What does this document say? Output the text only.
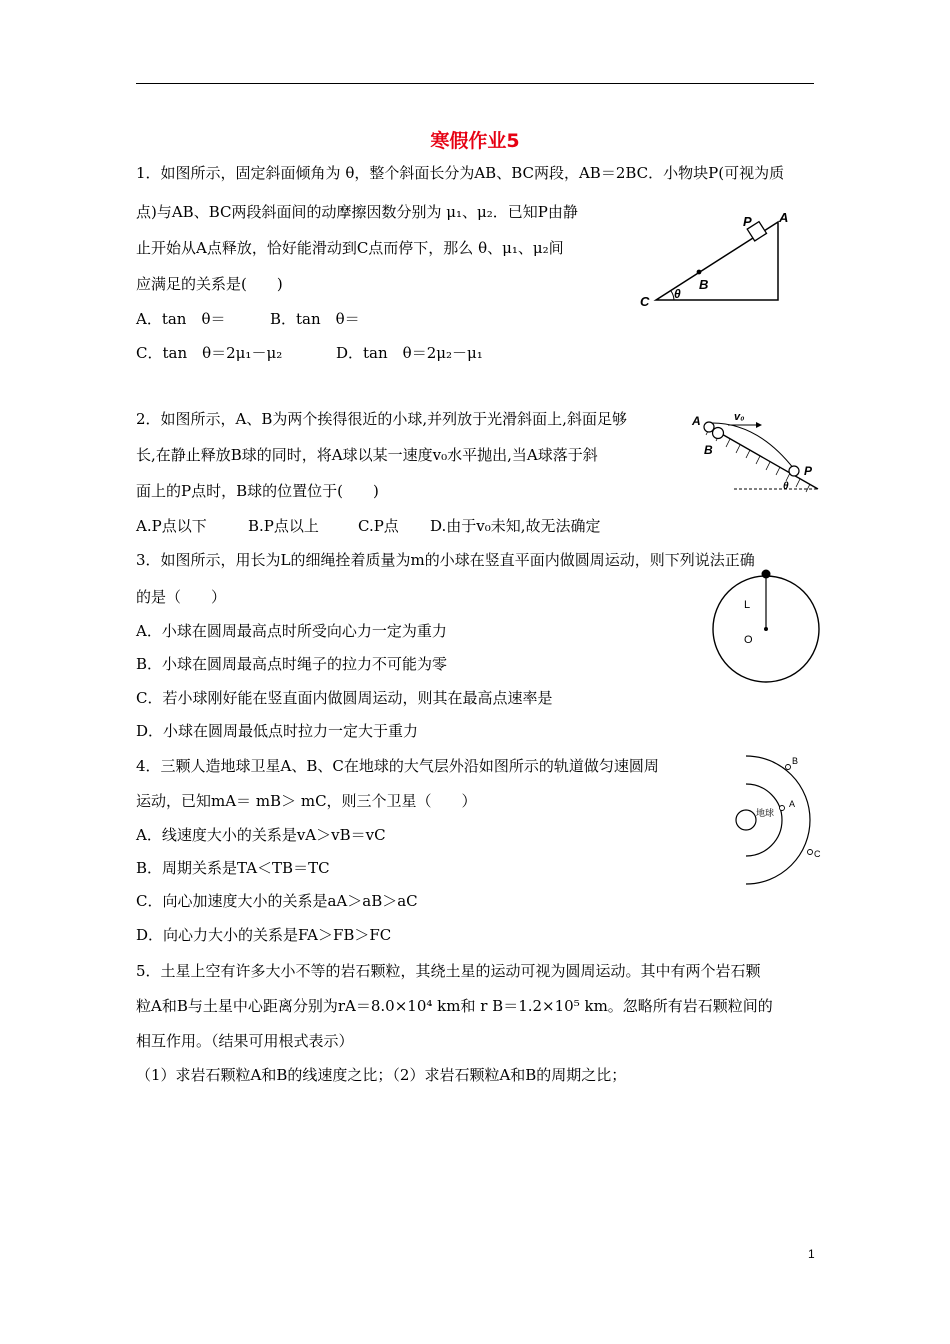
寒假作业5
1．如图所示，固定斜面倾角为 θ，整个斜面长分为AB、BC两段，AB＝2BC．小物块P(可视为质
点)与AB、BC两段斜面间的动摩擦因数分别为 μ₁、μ₂．已知P由静
止开始从A点释放，恰好能滑动到C点而停下，那么 θ、μ₁、μ₂间
应满足的关系是(　　)
A．tan　θ＝	B．tan　θ＝
C．tan　θ＝2μ₁－μ₂	D．tan　θ＝2μ₂－μ₁
P A
B
C θ
2．如图所示，A、B为两个挨得很近的小球,并列放于光滑斜面上,斜面足够
长,在静止释放B球的同时，将A球以某一速度v₀水平抛出,当A球落于斜
面上的P点时，B球的位置位于(　　)
A.P点以下	B.P点以上	C.P点 D.由于v₀未知,故无法确定
A
B
v₀
P
θ
3．如图所示，用长为L的细绳拴着质量为m的小球在竖直平面内做圆周运动，则下列说法正确
的是（　　）
A．小球在圆周最高点时所受向心力一定为重力
B．小球在圆周最高点时绳子的拉力不可能为零
C．若小球刚好能在竖直面内做圆周运动，则其在最高点速率是
D．小球在圆周最低点时拉力一定大于重力
L
O
4．三颗人造地球卫星A、B、C在地球的大气层外沿如图所示的轨道做匀速圆周
运动，已知mA＝ mB＞ mC，则三个卫星（　　）
A．线速度大小的关系是vA＞vB＝vC
B．周期关系是TA＜TB＝TC
C．向心加速度大小的关系是aA＞aB＞aC
D．向心力大小的关系是FA＞FB＞FC
地球
A
B
C
5．土星上空有许多大小不等的岩石颗粒，其绕土星的运动可视为圆周运动。其中有两个岩石颗
粒A和B与土星中心距离分别为rA＝8.0×10⁴ km和 r B＝1.2×10⁵ km。忽略所有岩石颗粒间的
相互作用。（结果可用根式表示）
（1）求岩石颗粒A和B的线速度之比；（2）求岩石颗粒A和B的周期之比；
1
